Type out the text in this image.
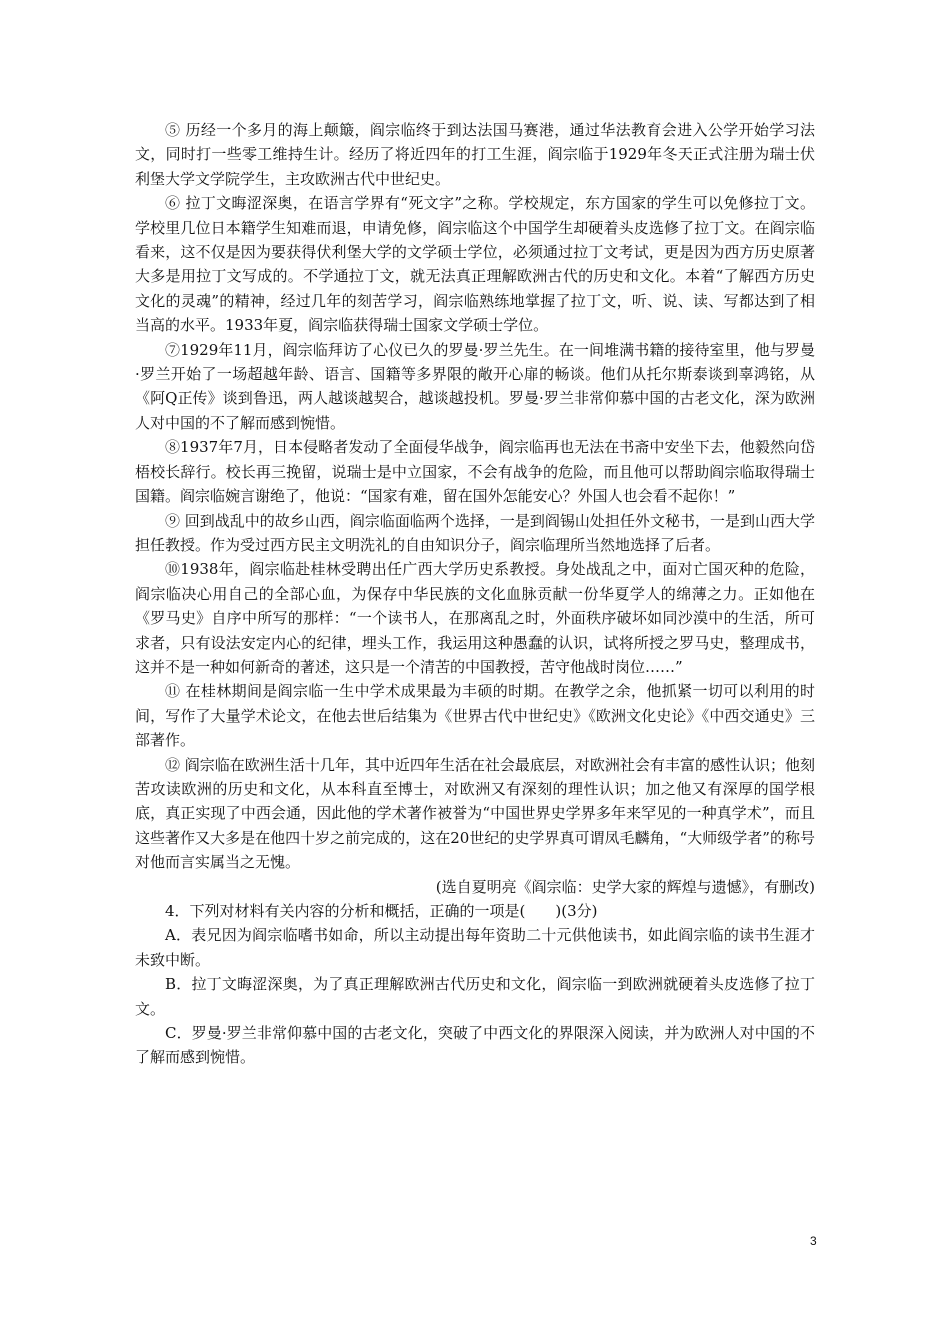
⑤ 历经一个多月的海上颠簸，阎宗临终于到达法国马赛港，通过华法教育会进入公学开始学习法文，同时打一些零工维持生计。经历了将近四年的打工生涯，阎宗临于1929年冬天正式注册为瑞士伏利堡大学文学院学生，主攻欧洲古代中世纪史。

⑥ 拉丁文晦涩深奥，在语言学界有“死文字”之称。学校规定，东方国家的学生可以免修拉丁文。学校里几位日本籍学生知难而退，申请免修，阎宗临这个中国学生却硬着头皮选修了拉丁文。在阎宗临看来，这不仅是因为要获得伏利堡大学的文学硕士学位，必须通过拉丁文考试，更是因为西方历史原著大多是用拉丁文写成的。不学通拉丁文，就无法真正理解欧洲古代的历史和文化。本着“了解西方历史文化的灵魂”的精神，经过几年的刻苦学习，阎宗临熟练地掌握了拉丁文，听、说、读、写都达到了相当高的水平。1933年夏，阎宗临获得瑞士国家文学硕士学位。

⑦1929年11月，阎宗临拜访了心仪已久的罗曼·罗兰先生。在一间堆满书籍的接待室里，他与罗曼·罗兰开始了一场超越年龄、语言、国籍等多界限的敞开心扉的畅谈。他们从托尔斯泰谈到辜鸿铭，从《阿Q正传》谈到鲁迅，两人越谈越契合，越谈越投机。罗曼·罗兰非常仰慕中国的古老文化，深为欧洲人对中国的不了解而感到惋惜。

⑧1937年7月，日本侵略者发动了全面侵华战争，阎宗临再也无法在书斋中安坐下去，他毅然向岱梧校长辞行。校长再三挽留，说瑞士是中立国家，不会有战争的危险，而且他可以帮助阎宗临取得瑞士国籍。阎宗临婉言谢绝了，他说：“国家有难，留在国外怎能安心？外国人也会看不起你！”

⑨ 回到战乱中的故乡山西，阎宗临面临两个选择，一是到阎锡山处担任外文秘书，一是到山西大学担任教授。作为受过西方民主文明洗礼的自由知识分子，阎宗临理所当然地选择了后者。

⑩1938年，阎宗临赴桂林受聘出任广西大学历史系教授。身处战乱之中，面对亡国灭种的危险，阎宗临决心用自己的全部心血，为保存中华民族的文化血脉贡献一份华夏学人的绵薄之力。正如他在《罗马史》自序中所写的那样：“一个读书人，在那离乱之时，外面秩序破坏如同沙漠中的生活，所可求者，只有设法安定内心的纪律，埋头工作，我运用这种愚蠢的认识，试将所授之罗马史，整理成书，这并不是一种如何新奇的著述，这只是一个清苦的中国教授，苦守他战时岗位……”

⑪ 在桂林期间是阎宗临一生中学术成果最为丰硕的时期。在教学之余，他抓紧一切可以利用的时间，写作了大量学术论文，在他去世后结集为《世界古代中世纪史》《欧洲文化史论》《中西交通史》三部著作。

⑫ 阎宗临在欧洲生活十几年，其中近四年生活在社会最底层，对欧洲社会有丰富的感性认识；他刻苦攻读欧洲的历史和文化，从本科直至博士，对欧洲又有深刻的理性认识；加之他又有深厚的国学根底，真正实现了中西会通，因此他的学术著作被誉为“中国世界史学界多年来罕见的一种真学术”，而且这些著作又大多是在他四十岁之前完成的，这在20世纪的史学界真可谓凤毛麟角，“大师级学者”的称号对他而言实属当之无愧。

(选自夏明亮《阎宗临：史学大家的辉煌与遗憾》，有删改)

4．下列对材料有关内容的分析和概括，正确的一项是(　　)(3分)

A．表兄因为阎宗临嗜书如命，所以主动提出每年资助二十元供他读书，如此阎宗临的读书生涯才未致中断。

B．拉丁文晦涩深奥，为了真正理解欧洲古代历史和文化，阎宗临一到欧洲就硬着头皮选修了拉丁文。

C．罗曼·罗兰非常仰慕中国的古老文化，突破了中西文化的界限深入阅读，并为欧洲人对中国的不了解而感到惋惜。

3
